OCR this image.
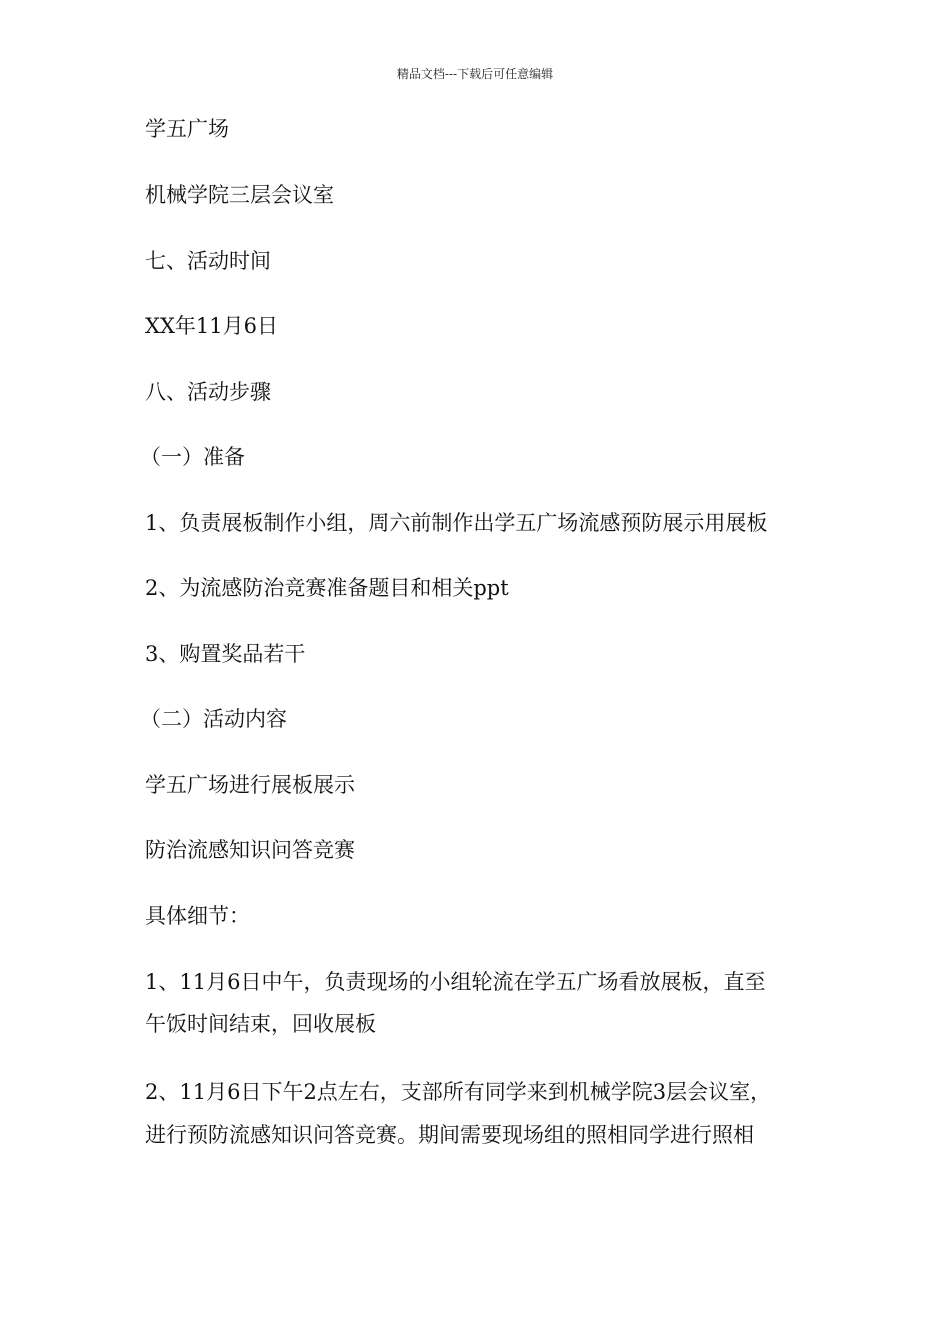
精品文档---下载后可任意编辑
学五广场
机械学院三层会议室
七、活动时间
XX年11月6日
八、活动步骤
（一）准备
1、负责展板制作小组，周六前制作出学五广场流感预防展示用展板
2、为流感防治竞赛准备题目和相关ppt
3、购置奖品若干
（二）活动内容
学五广场进行展板展示
防治流感知识问答竞赛
具体细节：
1、11月6日中午，负责现场的小组轮流在学五广场看放展板，直至
午饭时间结束，回收展板
2、11月6日下午2点左右，支部所有同学来到机械学院3层会议室，
进行预防流感知识问答竞赛。期间需要现场组的照相同学进行照相
